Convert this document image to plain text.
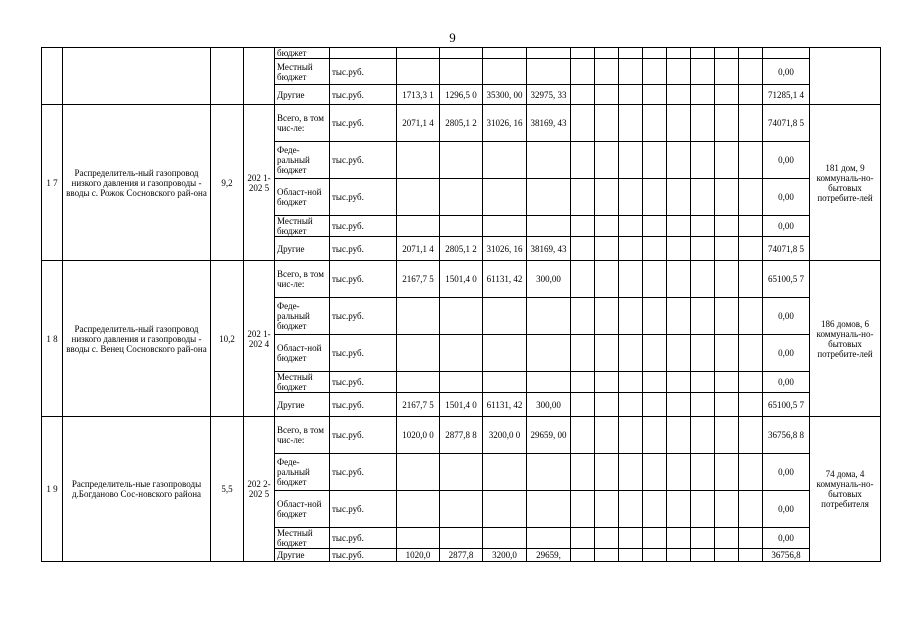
9
				бюджет															
				Местный бюджет	тыс.руб.													0,00	
				Другие	тыс.руб.	1713,3 1	1296,5 0	35300, 00	32975, 33									71285,1 4	
1 7	Распределитель-ный газопровод низкого давления и газопроводы - вводы с. Рожок Сосновского рай-она	9,2	202 1-202 5	Всего, в том чис-ле:	тыс.руб.	2071,1 4	2805,1 2	31026, 16	38169, 43									74071,8 5	181 дом, 9 коммуналь-но-бытовых потребите-лей
				Феде-ральный бюджет	тыс.руб.													0,00	
				Област-ной бюджет	тыс.руб.													0,00	
				Местный бюджет	тыс.руб.													0,00	
				Другие	тыс.руб.	2071,1 4	2805,1 2	31026, 16	38169, 43									74071,8 5	
1 8	Распределитель-ный газопровод низкого давления и газопроводы - вводы с. Венец Сосновского рай-она	10,2	202 1-202 4	Всего, в том чис-ле:	тыс.руб.	2167,7 5	1501,4 0	61131, 42	300,00									65100,5 7	186 домов, 6 коммуналь-но-бытовых потребите-лей
				Феде-ральный бюджет	тыс.руб.													0,00	
				Област-ной бюджет	тыс.руб.													0,00	
				Местный бюджет	тыс.руб.													0,00	
				Другие	тыс.руб.	2167,7 5	1501,4 0	61131, 42	300,00									65100,5 7	
1 9	Распределитель-ные газопроводы д.Богданово Сос-новского района	5,5	202 2-202 5	Всего, в том чис-ле:	тыс.руб.	1020,0 0	2877,8 8	3200,0 0	29659, 00									36756,8 8	74 дома, 4 коммуналь-но-бытовых потребителя
				Феде-ральный бюджет	тыс.руб.													0,00	
				Област-ной бюджет	тыс.руб.													0,00	
				Местный бюджет	тыс.руб.													0,00	
				Другие	тыс.руб.	1020,0	2877,8	3200,0	29659,									36756,8	
